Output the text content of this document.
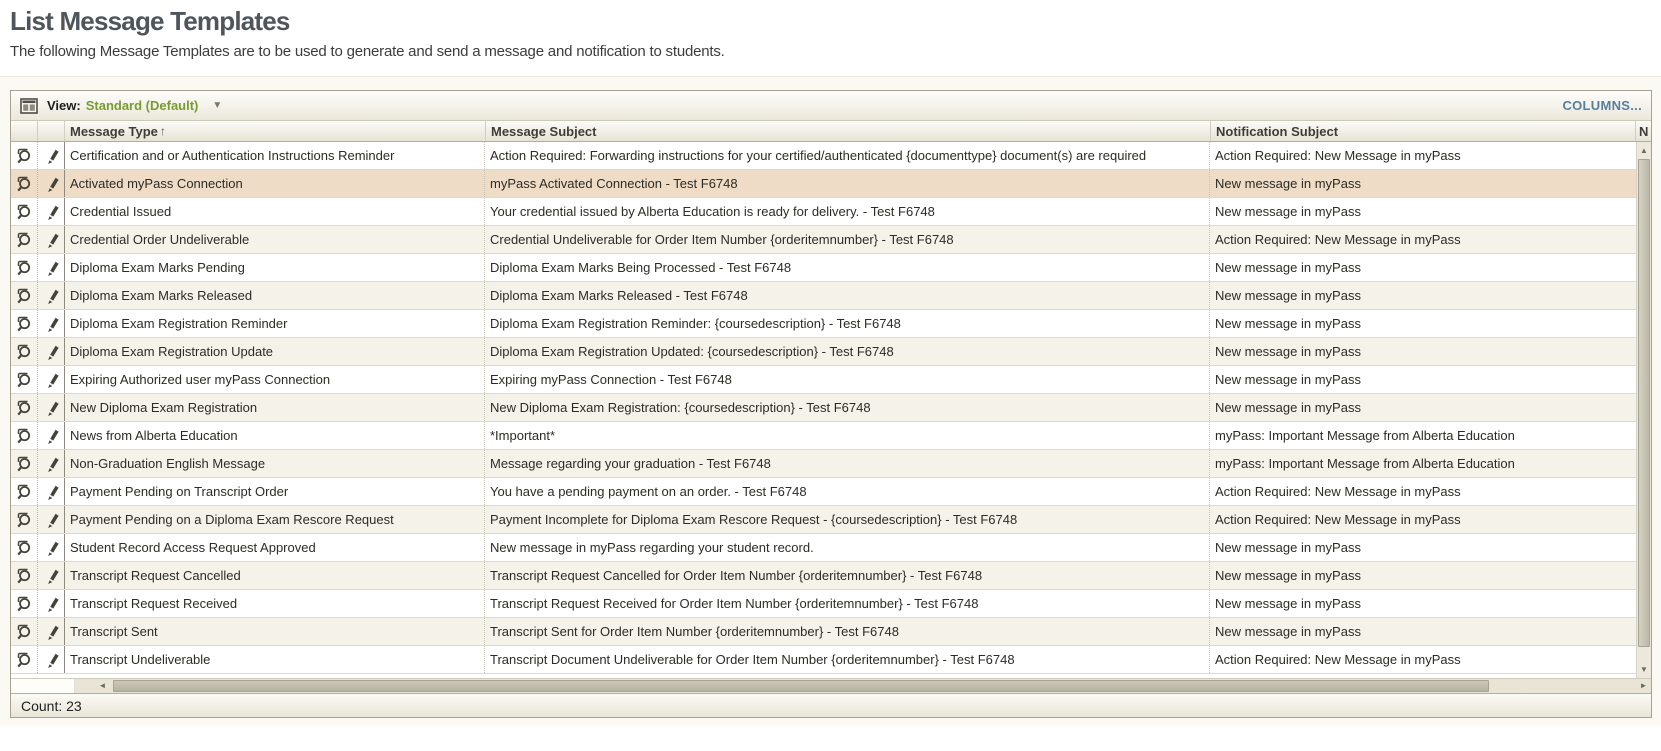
List Message Templates
The following Message Templates are to be used to generate and send a message and notification to students.
View: Standard (Default) ▼	COLUMNS...
Message Type ↑	Message Subject	Notification Subject	N
Certification and or Authentication Instructions Reminder	Action Required: Forwarding instructions for your certified/authenticated {documenttype} document(s) are required	Action Required: New Message in myPass
Activated myPass Connection	myPass Activated Connection - Test F6748	New message in myPass
Credential Issued	Your credential issued by Alberta Education is ready for delivery. - Test F6748	New message in myPass
Credential Order Undeliverable	Credential Undeliverable for Order Item Number {orderitemnumber} - Test F6748	Action Required: New Message in myPass
Diploma Exam Marks Pending	Diploma Exam Marks Being Processed - Test F6748	New message in myPass
Diploma Exam Marks Released	Diploma Exam Marks Released - Test F6748	New message in myPass
Diploma Exam Registration Reminder	Diploma Exam Registration Reminder: {coursedescription} - Test F6748	New message in myPass
Diploma Exam Registration Update	Diploma Exam Registration Updated: {coursedescription} - Test F6748	New message in myPass
Expiring Authorized user myPass Connection	Expiring myPass Connection - Test F6748	New message in myPass
New Diploma Exam Registration	New Diploma Exam Registration: {coursedescription} - Test F6748	New message in myPass
News from Alberta Education	*Important*	myPass: Important Message from Alberta Education
Non-Graduation English Message	Message regarding your graduation - Test F6748	myPass: Important Message from Alberta Education
Payment Pending on Transcript Order	You have a pending payment on an order. - Test F6748	Action Required: New Message in myPass
Payment Pending on a Diploma Exam Rescore Request	Payment Incomplete for Diploma Exam Rescore Request - {coursedescription} - Test F6748	Action Required: New Message in myPass
Student Record Access Request Approved	New message in myPass regarding your student record.	New message in myPass
Transcript Request Cancelled	Transcript Request Cancelled for Order Item Number {orderitemnumber} - Test F6748	New message in myPass
Transcript Request Received	Transcript Request Received for Order Item Number {orderitemnumber} - Test F6748	New message in myPass
Transcript Sent	Transcript Sent for Order Item Number {orderitemnumber} - Test F6748	New message in myPass
Transcript Undeliverable	Transcript Document Undeliverable for Order Item Number {orderitemnumber} - Test F6748	Action Required: New Message in myPass
▲
▼
◄	►
Count: 23
